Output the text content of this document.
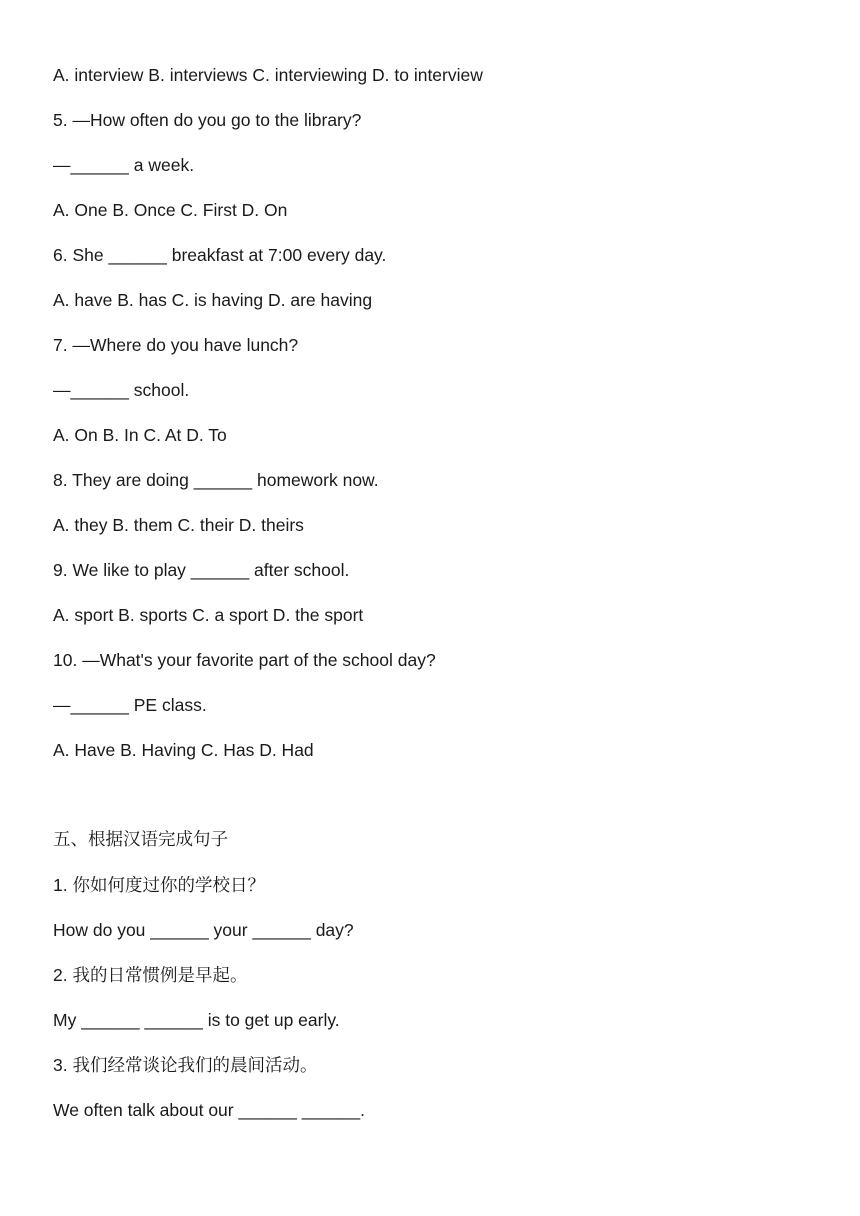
A. interview B. interviews C. interviewing D. to interview
5. —How often do you go to the library?
—______ a week.
A. One B. Once C. First D. On
6. She ______ breakfast at 7:00 every day.
A. have B. has C. is having D. are having
7. —Where do you have lunch?
—______ school.
A. On B. In C. At D. To
8. They are doing ______ homework now.
A. they B. them C. their D. theirs
9. We like to play ______ after school.
A. sport B. sports C. a sport D. the sport
10. —What's your favorite part of the school day?
—______ PE class.
A. Have B. Having C. Has D. Had
五、根据汉语完成句子
1. 你如何度过你的学校日？
How do you ______ your ______ day?
2. 我的日常惯例是早起。
My ______ ______ is to get up early.
3. 我们经常谈论我们的晨间活动。
We often talk about our ______ ______.
